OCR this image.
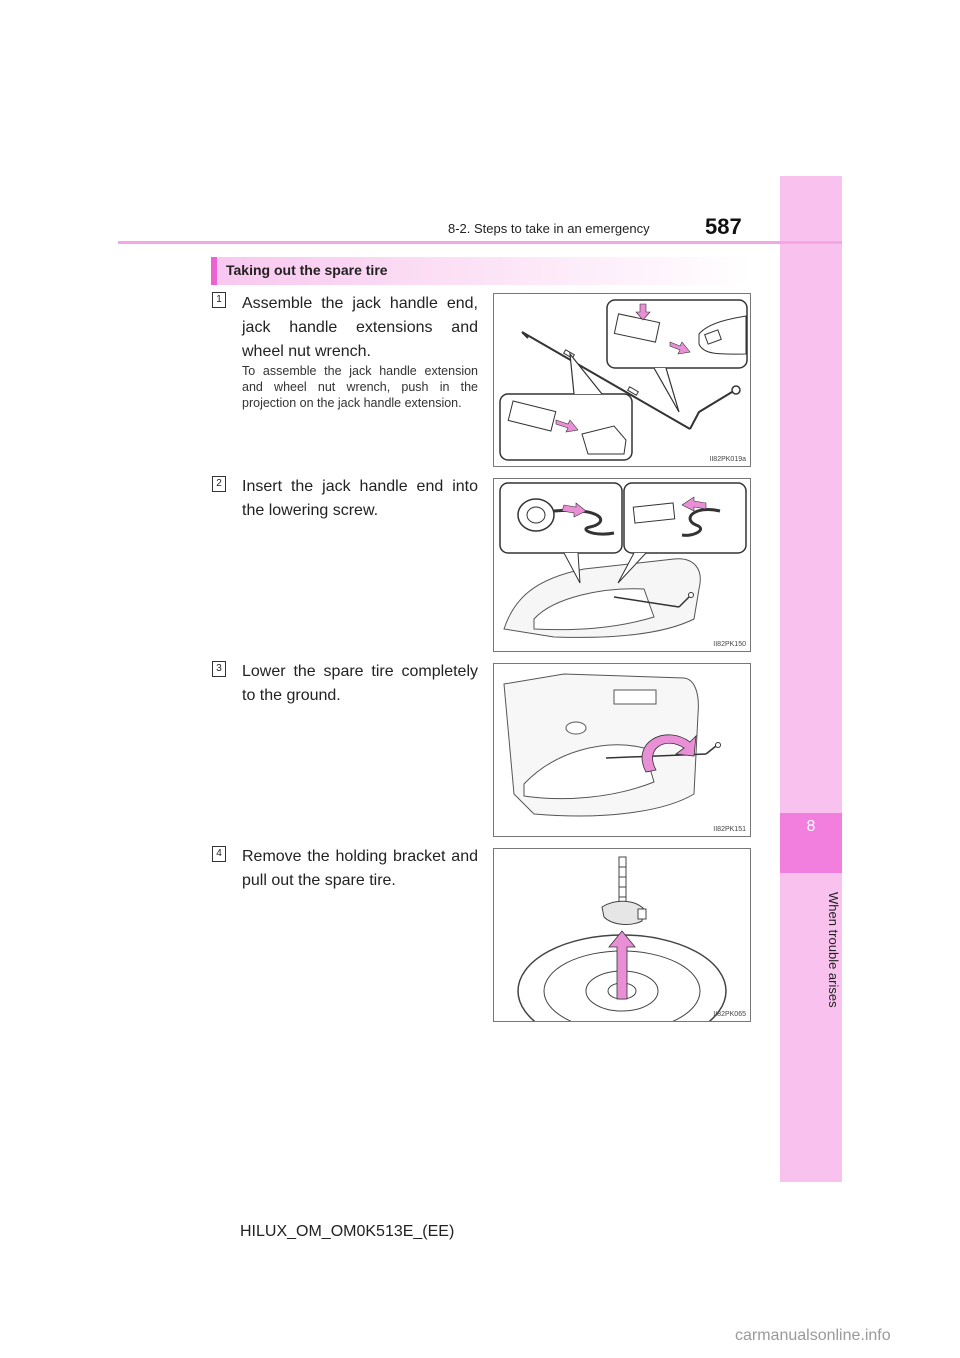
8
When trouble arises
8-2. Steps to take in an emergency	587
Taking out the spare tire
1 Assemble the jack handle end, jack handle extensions and wheel nut wrench.
To assemble the jack handle extension and wheel nut wrench, push in the projection on the jack handle extension.
II82PK019a
2 Insert the jack handle end into the lowering screw.
II82PK150
3 Lower the spare tire completely to the ground.
II82PK151
4 Remove the holding bracket and pull out the spare tire.
II82PK065
HILUX_OM_OM0K513E_(EE)
carmanualsonline.info
